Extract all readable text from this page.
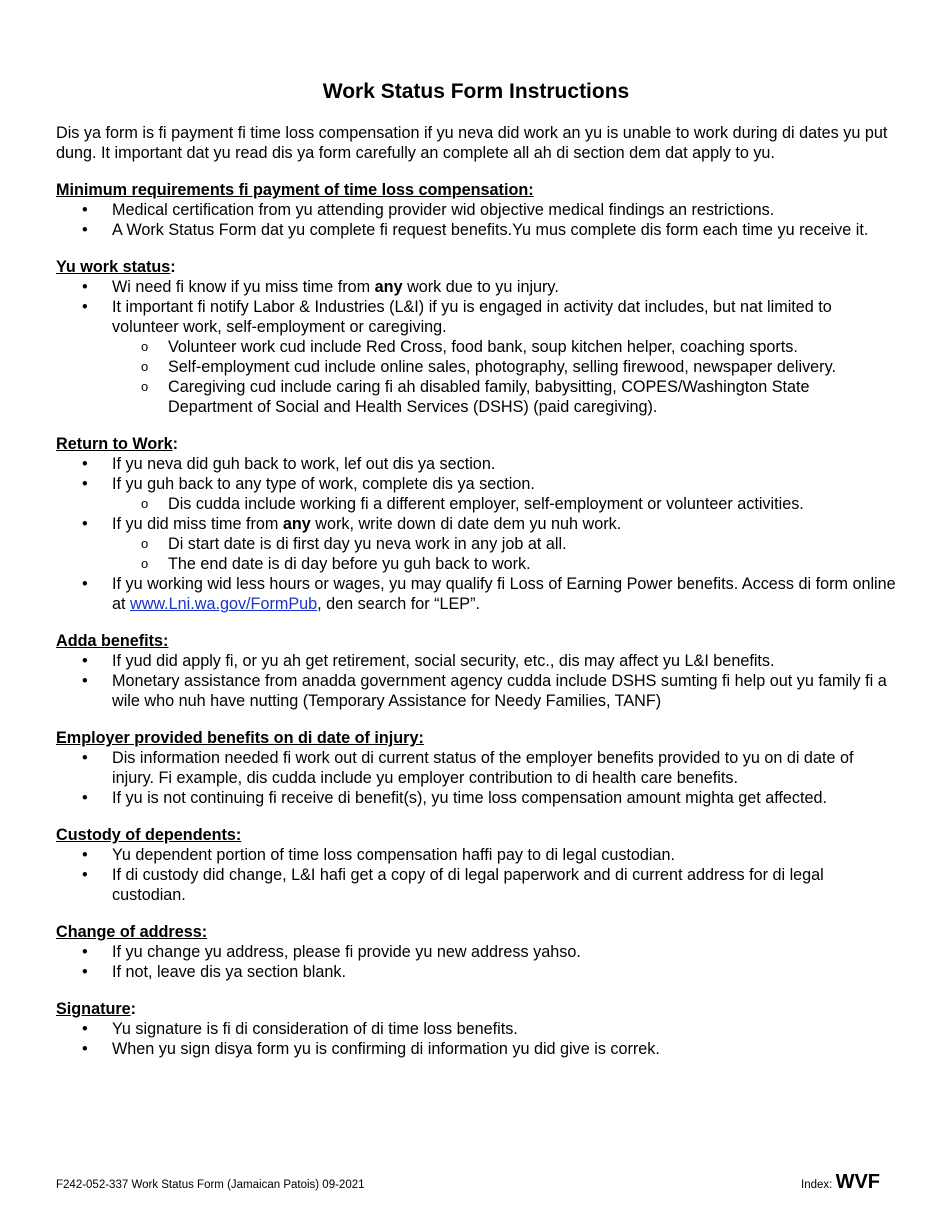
Work Status Form Instructions

Dis ya form is fi payment fi time loss compensation if yu neva did work an yu is unable to work during di dates yu put dung. It important dat yu read dis ya form carefully an complete all ah di section dem dat apply to yu.

Minimum requirements fi payment of time loss compensation:

• Medical certification from yu attending provider wid objective medical findings an restrictions.
• A Work Status Form dat yu complete fi request benefits.Yu mus complete dis form each time yu receive it.

Yu work status:

• Wi need fi know if yu miss time from any work due to yu injury.
• It important fi notify Labor & Industries (L&I) if yu is engaged in activity dat includes, but nat limited to volunteer work, self-employment or caregiving.
o Volunteer work cud include Red Cross, food bank, soup kitchen helper, coaching sports.
o Self-employment cud include online sales, photography, selling firewood, newspaper delivery.
o Caregiving cud include caring fi ah disabled family, babysitting, COPES/Washington State Department of Social and Health Services (DSHS) (paid caregiving).

Return to Work:

• If yu neva did guh back to work, lef out dis ya section.
• If yu guh back to any type of work, complete dis ya section.
o Dis cudda include working fi a different employer, self-employment or volunteer activities.
• If yu did miss time from any work, write down di date dem yu nuh work.
o Di start date is di first day yu neva work in any job at all.
o The end date is di day before yu guh back to work.
• If yu working wid less hours or wages, yu may qualify fi Loss of Earning Power benefits. Access di form online at www.Lni.wa.gov/FormPub, den search for “LEP”.

Adda benefits:

• If yud did apply fi, or yu ah get retirement, social security, etc., dis may affect yu L&I benefits.
• Monetary assistance from anadda government agency cudda include DSHS sumting fi help out yu family fi a wile who nuh have nutting (Temporary Assistance for Needy Families, TANF)

Employer provided benefits on di date of injury:

• Dis information needed fi work out di current status of the employer benefits provided to yu on di date of injury. Fi example, dis cudda include yu employer contribution to di health care benefits.
• If yu is not continuing fi receive di benefit(s), yu time loss compensation amount mighta get affected.

Custody of dependents:

• Yu dependent portion of time loss compensation haffi pay to di legal custodian.
• If di custody did change, L&I hafi get a copy of di legal paperwork and di current address for di legal custodian.

Change of address:

• If yu change yu address, please fi provide yu new address yahso.
• If not, leave dis ya section blank.

Signature:

• Yu signature is fi di consideration of di time loss benefits.
• When yu sign disya form yu is confirming di information yu did give is correk.
F242-052-337 Work Status Form (Jamaican Patois) 09-2021	Index: WVF
